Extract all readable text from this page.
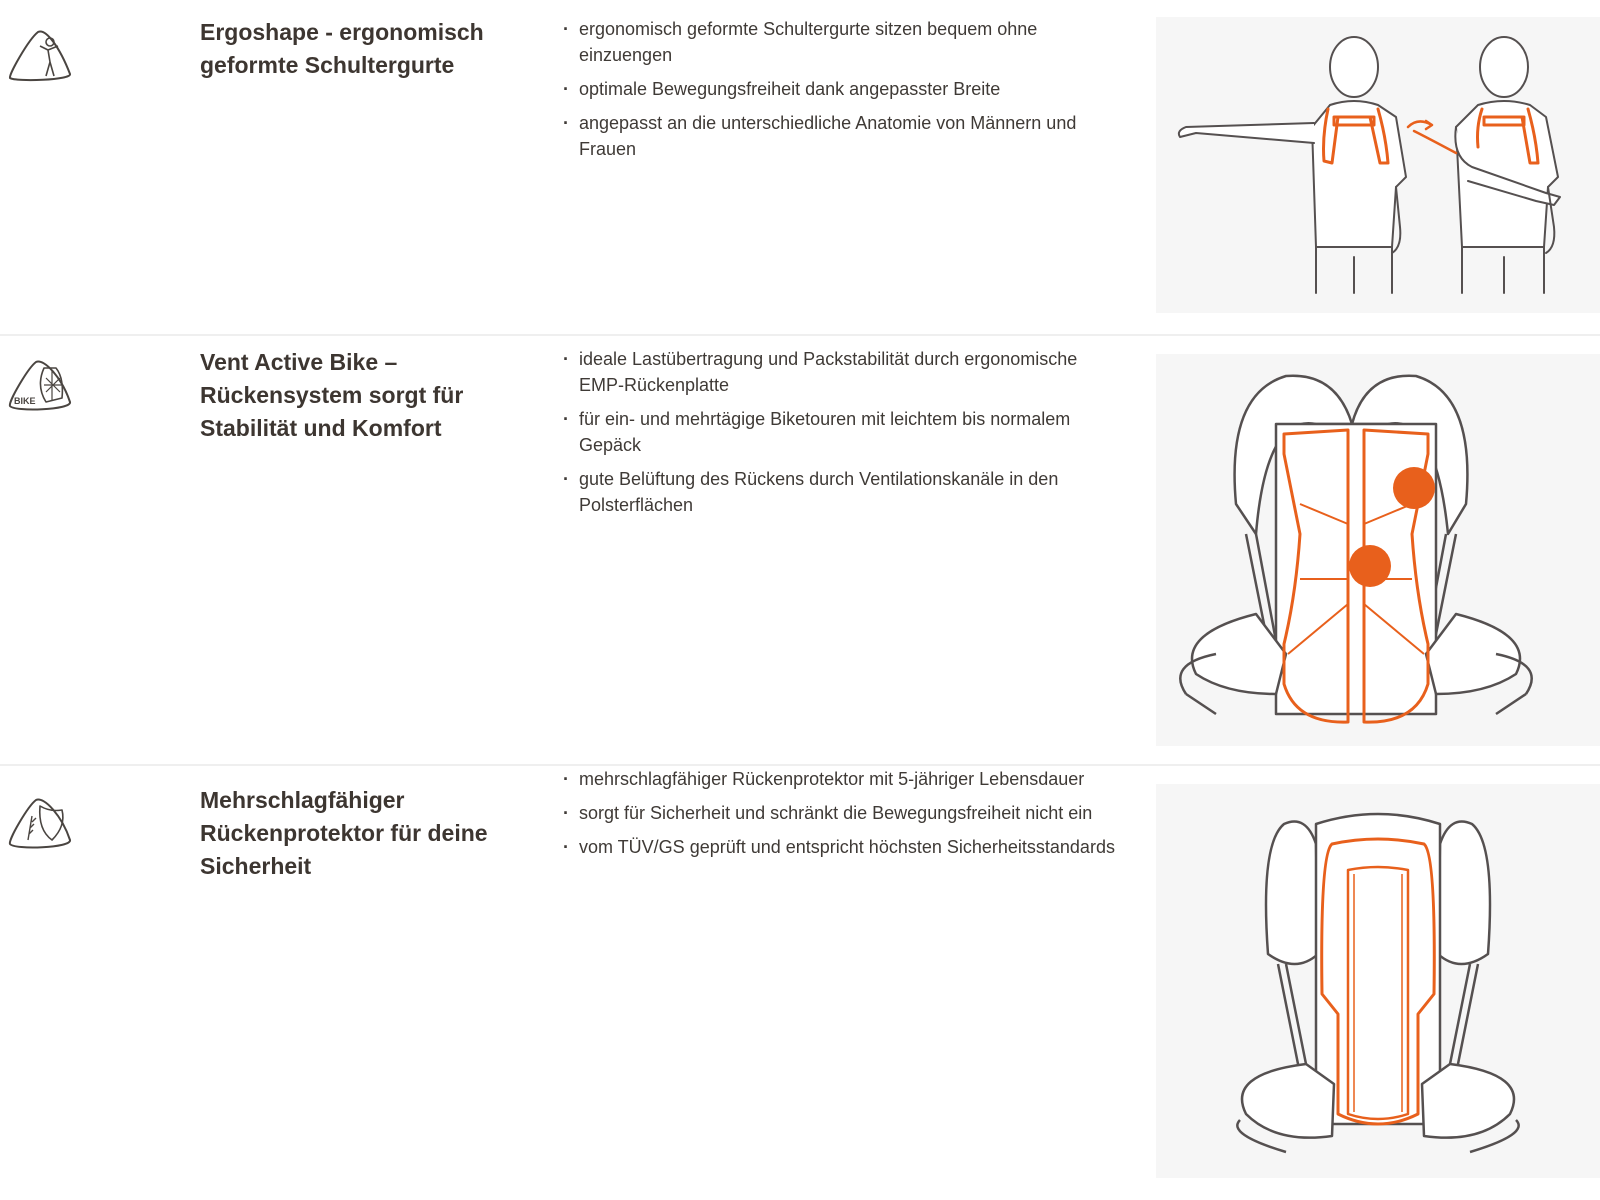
Ergoshape - ergonomisch geformte Schultergurte
· ergonomisch geformte Schultergurte sitzen bequem ohne einzuengen
· optimale Bewegungsfreiheit dank angepasster Breite
· angepasst an die unterschiedliche Anatomie von Männern und Frauen
BIKE
Vent Active Bike – Rückensystem sorgt für Stabilität und Komfort
· ideale Lastübertragung und Packstabilität durch ergonomische EMP-Rückenplatte
· für ein- und mehrtägige Biketouren mit leichtem bis normalem Gepäck
· gute Belüftung des Rückens durch Ventilationskanäle in den Polsterflächen
Mehrschlagfähiger Rückenprotektor für deine Sicherheit
· mehrschlagfähiger Rückenprotektor mit 5-jähriger Lebensdauer
· sorgt für Sicherheit und schränkt die Bewegungsfreiheit nicht ein
· vom TÜV/GS geprüft und entspricht höchsten Sicherheitsstandards
